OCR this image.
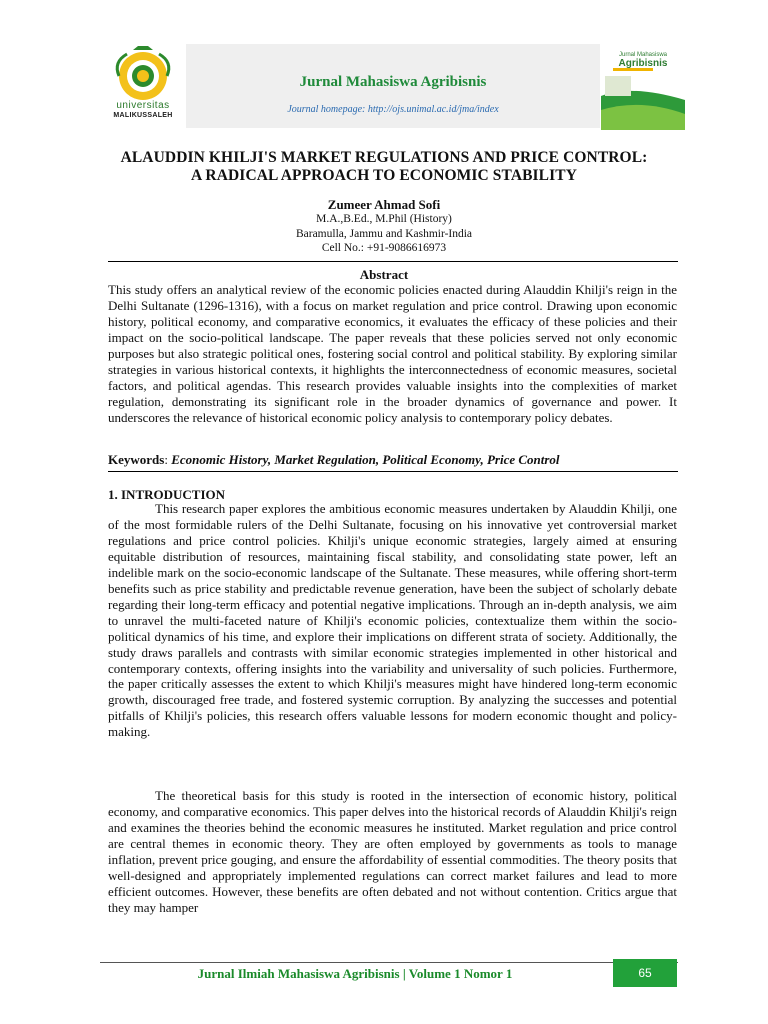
universitas
MALIKUSSALEH
Jurnal Mahasiswa Agribisnis
Journal homepage: http://ojs.unimal.ac.id/jma/index
Jurnal Mahasiswa
Agribisnis
ALAUDDIN KHILJI'S MARKET REGULATIONS AND PRICE CONTROL:
A RADICAL APPROACH TO ECONOMIC STABILITY
Zumeer Ahmad Sofi
M.A.,B.Ed., M.Phil (History)
Baramulla, Jammu and Kashmir-India
Cell No.: +91-9086616973
Abstract
This study offers an analytical review of the economic policies enacted during Alauddin Khilji's reign in the Delhi Sultanate (1296-1316), with a focus on market regulation and price control. Drawing upon economic history, political economy, and comparative economics, it evaluates the efficacy of these policies and their impact on the socio-political landscape. The paper reveals that these policies served not only economic purposes but also strategic political ones, fostering social control and political stability. By exploring similar strategies in various historical contexts, it highlights the interconnectedness of economic measures, societal factors, and political agendas. This research provides valuable insights into the complexities of market regulation, demonstrating its significant role in the broader dynamics of governance and power. It underscores the relevance of historical economic policy analysis to contemporary policy debates.
Keywords: Economic History, Market Regulation, Political Economy, Price Control
1. INTRODUCTION
This research paper explores the ambitious economic measures undertaken by Alauddin Khilji, one of the most formidable rulers of the Delhi Sultanate, focusing on his innovative yet controversial market regulations and price control policies. Khilji's unique economic strategies, largely aimed at ensuring equitable distribution of resources, maintaining fiscal stability, and consolidating state power, left an indelible mark on the socio-economic landscape of the Sultanate. These measures, while offering short-term benefits such as price stability and predictable revenue generation, have been the subject of scholarly debate regarding their long-term efficacy and potential negative implications. Through an in-depth analysis, we aim to unravel the multi-faceted nature of Khilji's economic policies, contextualize them within the socio-political dynamics of his time, and explore their implications on different strata of society. Additionally, the study draws parallels and contrasts with similar economic strategies implemented in other historical and contemporary contexts, offering insights into the variability and universality of such policies. Furthermore, the paper critically assesses the extent to which Khilji's measures might have hindered long-term economic growth, discouraged free trade, and fostered systemic corruption. By analyzing the successes and potential pitfalls of Khilji's policies, this research offers valuable lessons for modern economic thought and policy-making.
The theoretical basis for this study is rooted in the intersection of economic history, political economy, and comparative economics. This paper delves into the historical records of Alauddin Khilji's reign and examines the theories behind the economic measures he instituted. Market regulation and price control are central themes in economic theory. They are often employed by governments as tools to manage inflation, prevent price gouging, and ensure the affordability of essential commodities. The theory posits that well-designed and appropriately implemented regulations can correct market failures and lead to more efficient outcomes. However, these benefits are often debated and not without contention. Critics argue that they may hamper
Jurnal Ilmiah Mahasiswa Agribisnis | Volume 1 Nomor 1	65
